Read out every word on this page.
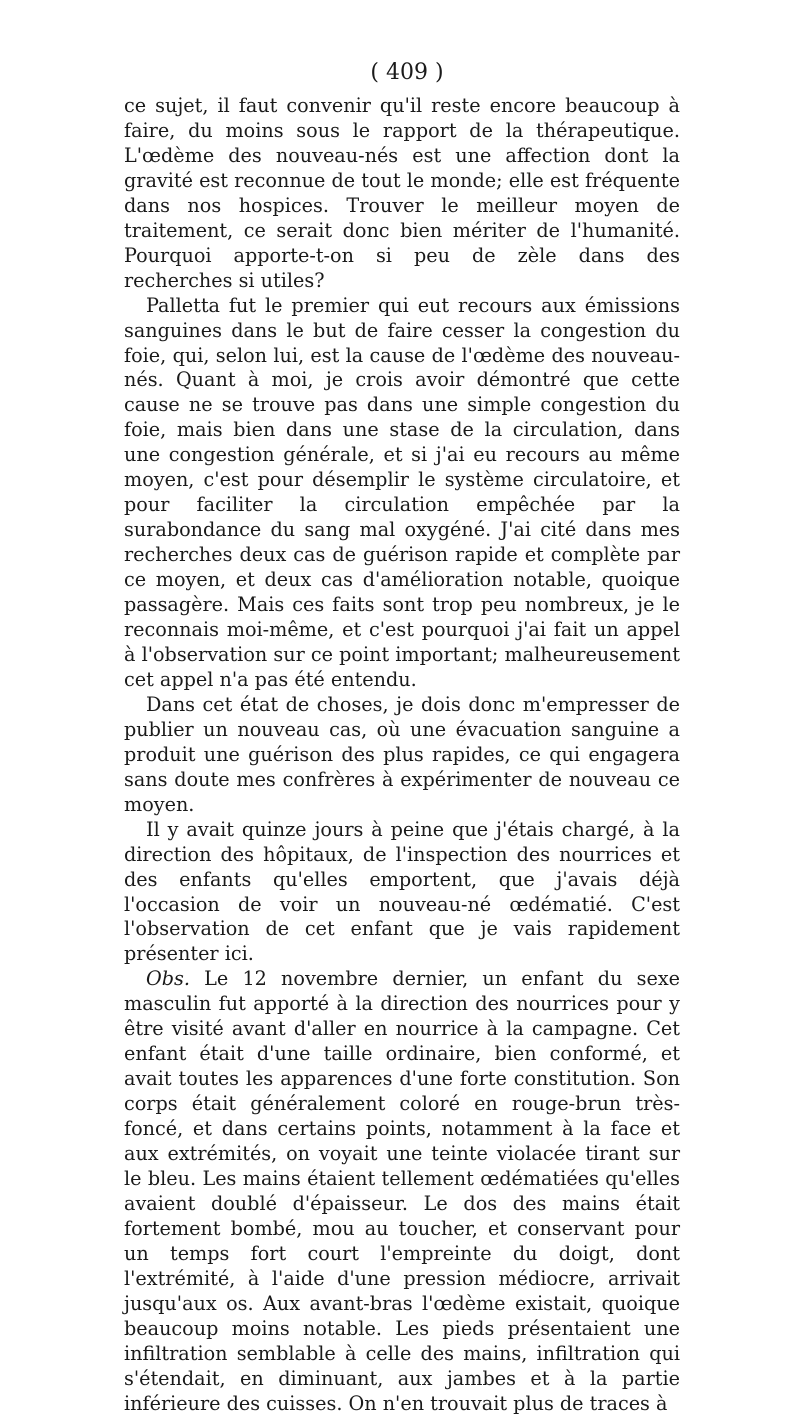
( 409 )

ce sujet, il faut convenir qu'il reste encore beaucoup à faire, du moins sous le rapport de la thérapeutique. L'œdème des nouveau-nés est une affection dont la gravité est reconnue de tout le monde; elle est fréquente dans nos hospices. Trouver le meilleur moyen de traitement, ce serait donc bien mériter de l'humanité. Pourquoi apporte-t-on si peu de zèle dans des recherches si utiles?

Palletta fut le premier qui eut recours aux émissions sanguines dans le but de faire cesser la congestion du foie, qui, selon lui, est la cause de l'œdème des nouveau-nés. Quant à moi, je crois avoir démontré que cette cause ne se trouve pas dans une simple congestion du foie, mais bien dans une stase de la circulation, dans une congestion générale, et si j'ai eu recours au même moyen, c'est pour désemplir le système circulatoire, et pour faciliter la circulation empêchée par la surabondance du sang mal oxygéné. J'ai cité dans mes recherches deux cas de guérison rapide et complète par ce moyen, et deux cas d'amélioration notable, quoique passagère. Mais ces faits sont trop peu nombreux, je le reconnais moi-même, et c'est pourquoi j'ai fait un appel à l'observation sur ce point important; malheureusement cet appel n'a pas été entendu.

Dans cet état de choses, je dois donc m'empresser de publier un nouveau cas, où une évacuation sanguine a produit une guérison des plus rapides, ce qui engagera sans doute mes confrères à expérimenter de nouveau ce moyen.

Il y avait quinze jours à peine que j'étais chargé, à la direction des hôpitaux, de l'inspection des nourrices et des enfants qu'elles emportent, que j'avais déjà l'occasion de voir un nouveau-né œdématié. C'est l'observation de cet enfant que je vais rapidement présenter ici.

Obs. Le 12 novembre dernier, un enfant du sexe masculin fut apporté à la direction des nourrices pour y être visité avant d'aller en nourrice à la campagne. Cet enfant était d'une taille ordinaire, bien conformé, et avait toutes les apparences d'une forte constitution. Son corps était généralement coloré en rouge-brun très-foncé, et dans certains points, notamment à la face et aux extrémités, on voyait une teinte violacée tirant sur le bleu. Les mains étaient tellement œdématiées qu'elles avaient doublé d'épaisseur. Le dos des mains était fortement bombé, mou au toucher, et conservant pour un temps fort court l'empreinte du doigt, dont l'extrémité, à l'aide d'une pression médiocre, arrivait jusqu'aux os. Aux avant-bras l'œdème existait, quoique beaucoup moins notable. Les pieds présentaient une infiltration semblable à celle des mains, infiltration qui s'étendait, en diminuant, aux jambes et à la partie inférieure des cuisses. On n'en trouvait plus de traces à
